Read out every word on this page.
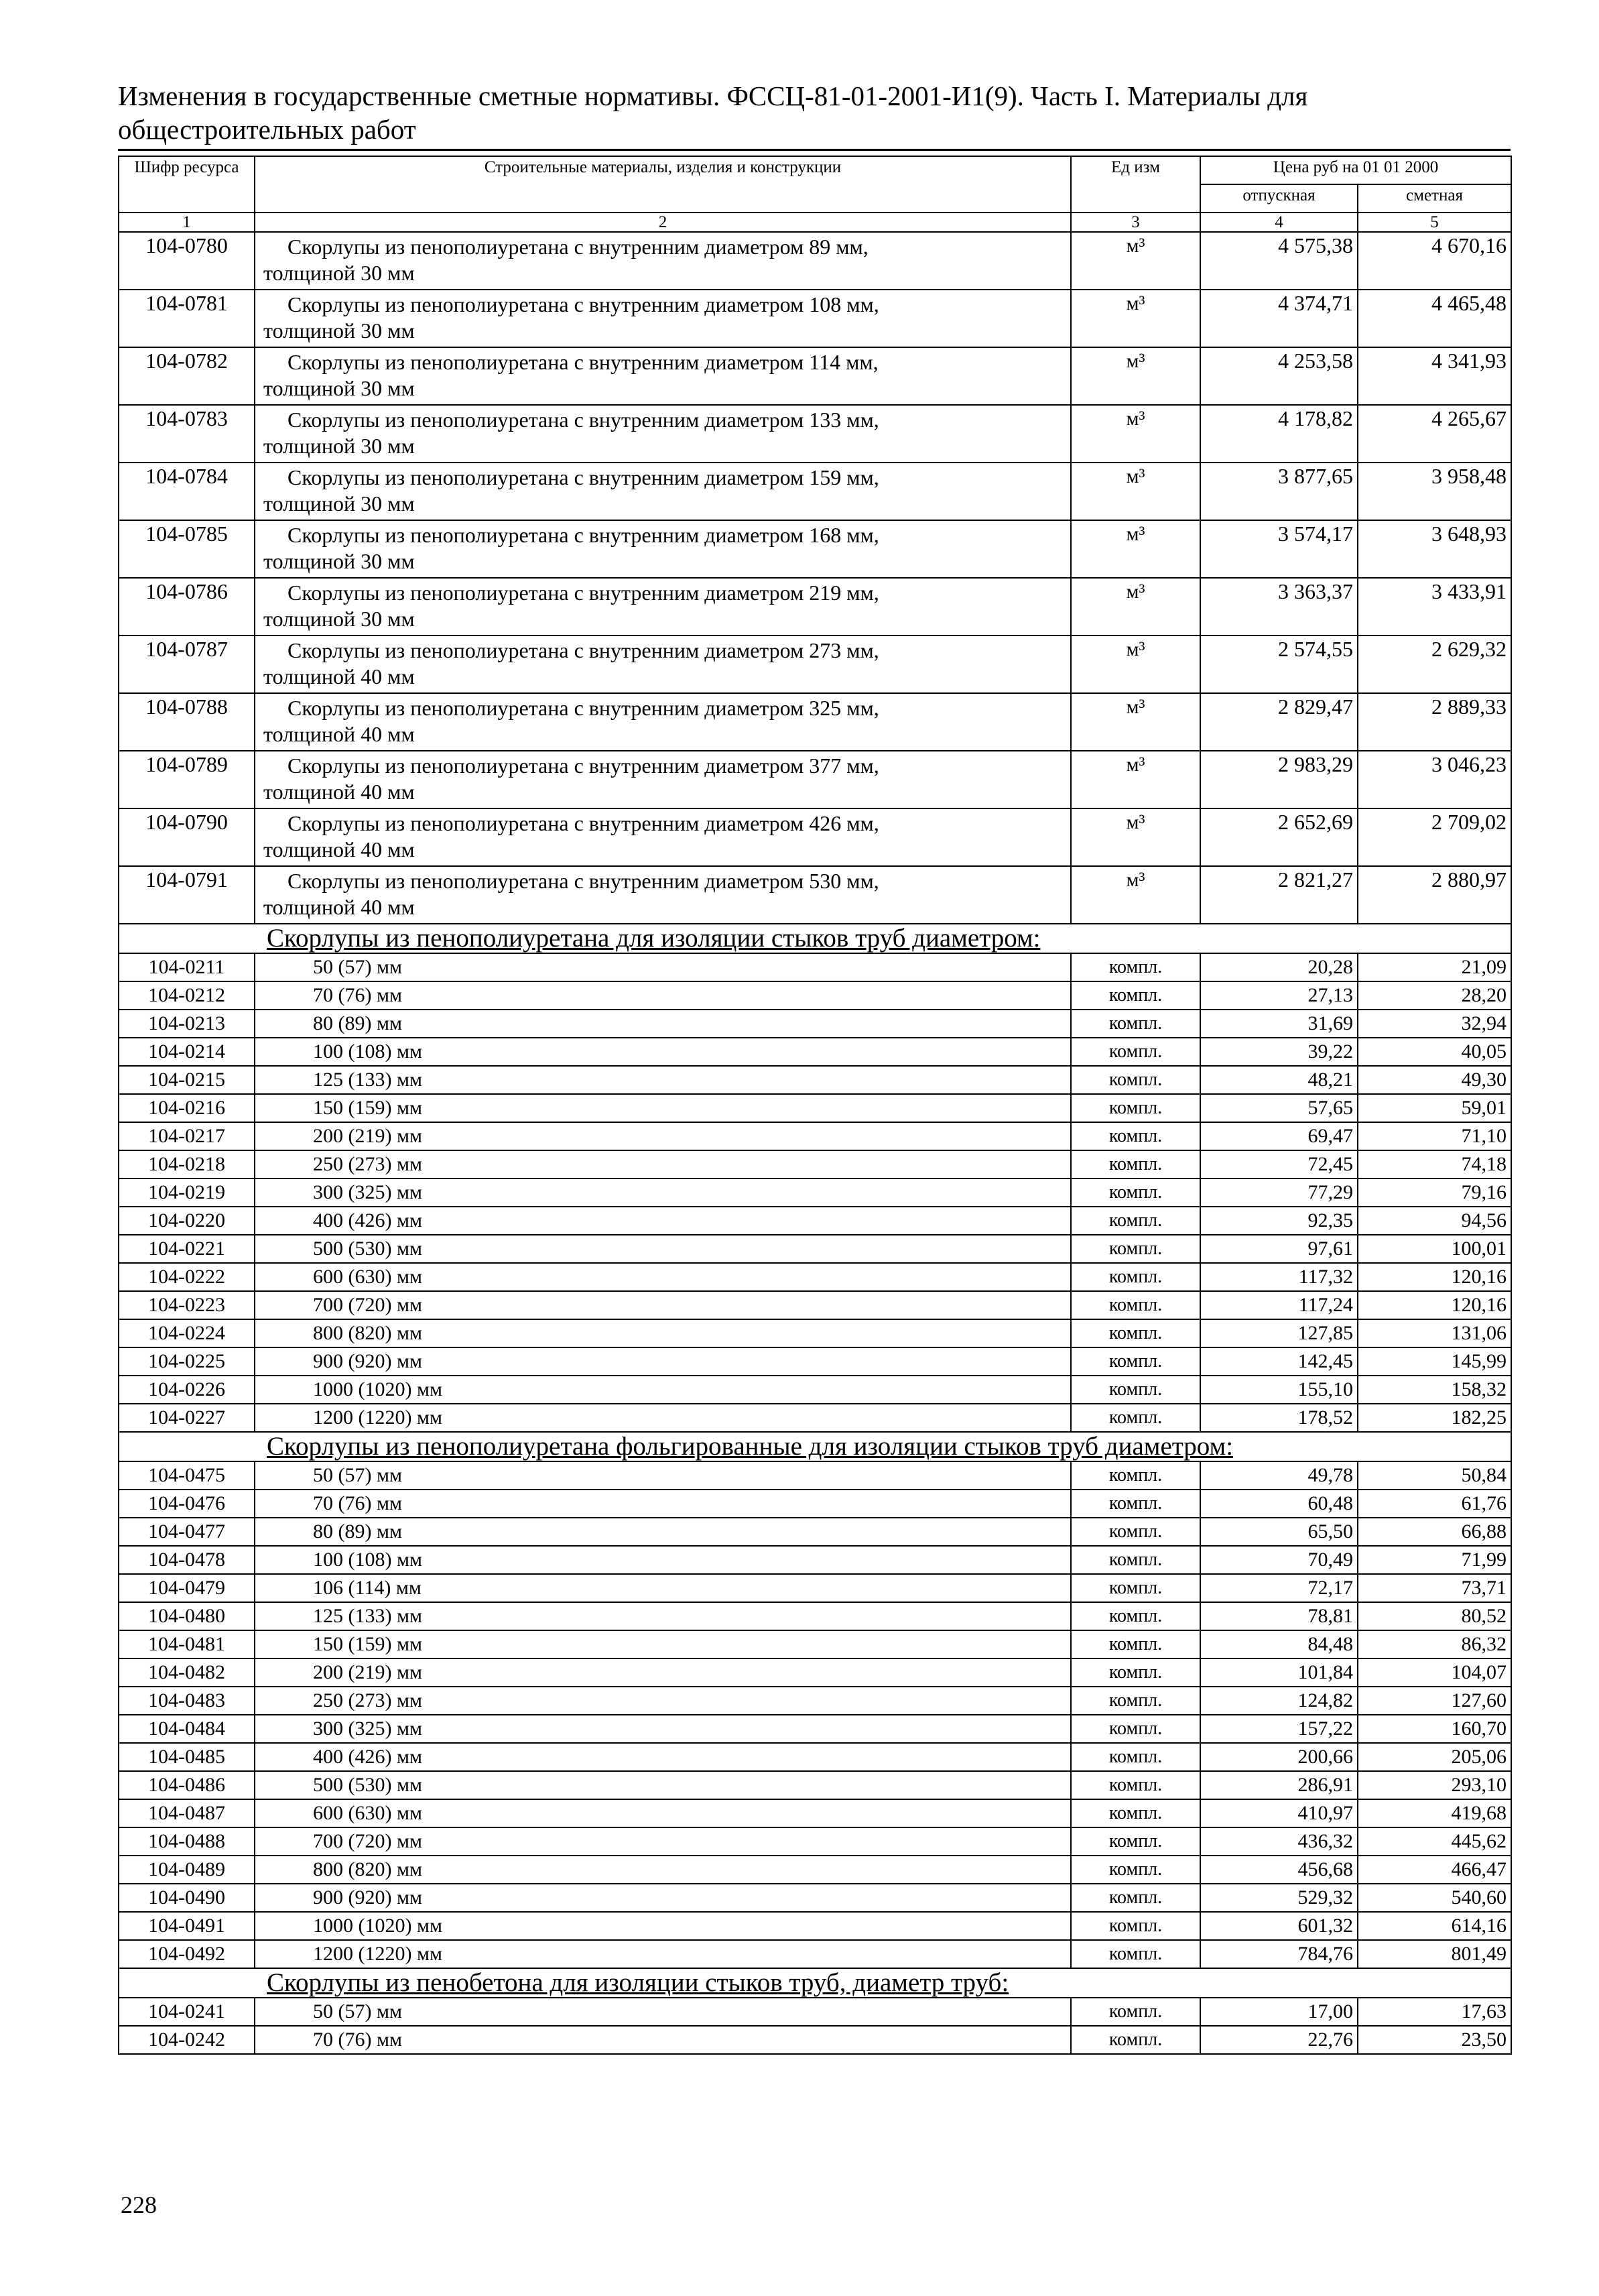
Изменения в государственные сметные нормативы. ФССЦ-81-01-2001-И1(9). Часть I. Материалы для
общестроительных работ
Шифр ресурса	Строительные материалы, изделия и конструкции	Ед изм	Цена руб на 01 01 2000	
			отпускная	сметная
1	2	3	4	5
104-0780	Скорлупы из пенополиуретана с внутренним диаметром 89 мм,
толщиной 30 мм	м³	4 575,38	4 670,16
104-0781	Скорлупы из пенополиуретана с внутренним диаметром 108 мм,
толщиной 30 мм	м³	4 374,71	4 465,48
104-0782	Скорлупы из пенополиуретана с внутренним диаметром 114 мм,
толщиной 30 мм	м³	4 253,58	4 341,93
104-0783	Скорлупы из пенополиуретана с внутренним диаметром 133 мм,
толщиной 30 мм	м³	4 178,82	4 265,67
104-0784	Скорлупы из пенополиуретана с внутренним диаметром 159 мм,
толщиной 30 мм	м³	3 877,65	3 958,48
104-0785	Скорлупы из пенополиуретана с внутренним диаметром 168 мм,
толщиной 30 мм	м³	3 574,17	3 648,93
104-0786	Скорлупы из пенополиуретана с внутренним диаметром 219 мм,
толщиной 30 мм	м³	3 363,37	3 433,91
104-0787	Скорлупы из пенополиуретана с внутренним диаметром 273 мм,
толщиной 40 мм	м³	2 574,55	2 629,32
104-0788	Скорлупы из пенополиуретана с внутренним диаметром 325 мм,
толщиной 40 мм	м³	2 829,47	2 889,33
104-0789	Скорлупы из пенополиуретана с внутренним диаметром 377 мм,
толщиной 40 мм	м³	2 983,29	3 046,23
104-0790	Скорлупы из пенополиуретана с внутренним диаметром 426 мм,
толщиной 40 мм	м³	2 652,69	2 709,02
104-0791	Скорлупы из пенополиуретана с внутренним диаметром 530 мм,
толщиной 40 мм	м³	2 821,27	2 880,97
Скорлупы из пенополиуретана для изоляции стыков труб диаметром:				
104-0211	50 (57) мм	компл.	20,28	21,09
104-0212	70 (76) мм	компл.	27,13	28,20
104-0213	80 (89) мм	компл.	31,69	32,94
104-0214	100 (108) мм	компл.	39,22	40,05
104-0215	125 (133) мм	компл.	48,21	49,30
104-0216	150 (159) мм	компл.	57,65	59,01
104-0217	200 (219) мм	компл.	69,47	71,10
104-0218	250 (273) мм	компл.	72,45	74,18
104-0219	300 (325) мм	компл.	77,29	79,16
104-0220	400 (426) мм	компл.	92,35	94,56
104-0221	500 (530) мм	компл.	97,61	100,01
104-0222	600 (630) мм	компл.	117,32	120,16
104-0223	700 (720) мм	компл.	117,24	120,16
104-0224	800 (820) мм	компл.	127,85	131,06
104-0225	900 (920) мм	компл.	142,45	145,99
104-0226	1000 (1020) мм	компл.	155,10	158,32
104-0227	1200 (1220) мм	компл.	178,52	182,25
Скорлупы из пенополиуретана фольгированные для изоляции стыков труб диаметром:				
104-0475	50 (57) мм	компл.	49,78	50,84
104-0476	70 (76) мм	компл.	60,48	61,76
104-0477	80 (89) мм	компл.	65,50	66,88
104-0478	100 (108) мм	компл.	70,49	71,99
104-0479	106 (114) мм	компл.	72,17	73,71
104-0480	125 (133) мм	компл.	78,81	80,52
104-0481	150 (159) мм	компл.	84,48	86,32
104-0482	200 (219) мм	компл.	101,84	104,07
104-0483	250 (273) мм	компл.	124,82	127,60
104-0484	300 (325) мм	компл.	157,22	160,70
104-0485	400 (426) мм	компл.	200,66	205,06
104-0486	500 (530) мм	компл.	286,91	293,10
104-0487	600 (630) мм	компл.	410,97	419,68
104-0488	700 (720) мм	компл.	436,32	445,62
104-0489	800 (820) мм	компл.	456,68	466,47
104-0490	900 (920) мм	компл.	529,32	540,60
104-0491	1000 (1020) мм	компл.	601,32	614,16
104-0492	1200 (1220) мм	компл.	784,76	801,49
Скорлупы из пенобетона для изоляции стыков труб, диаметр труб:				
104-0241	50 (57) мм	компл.	17,00	17,63
104-0242	70 (76) мм	компл.	22,76	23,50
228
